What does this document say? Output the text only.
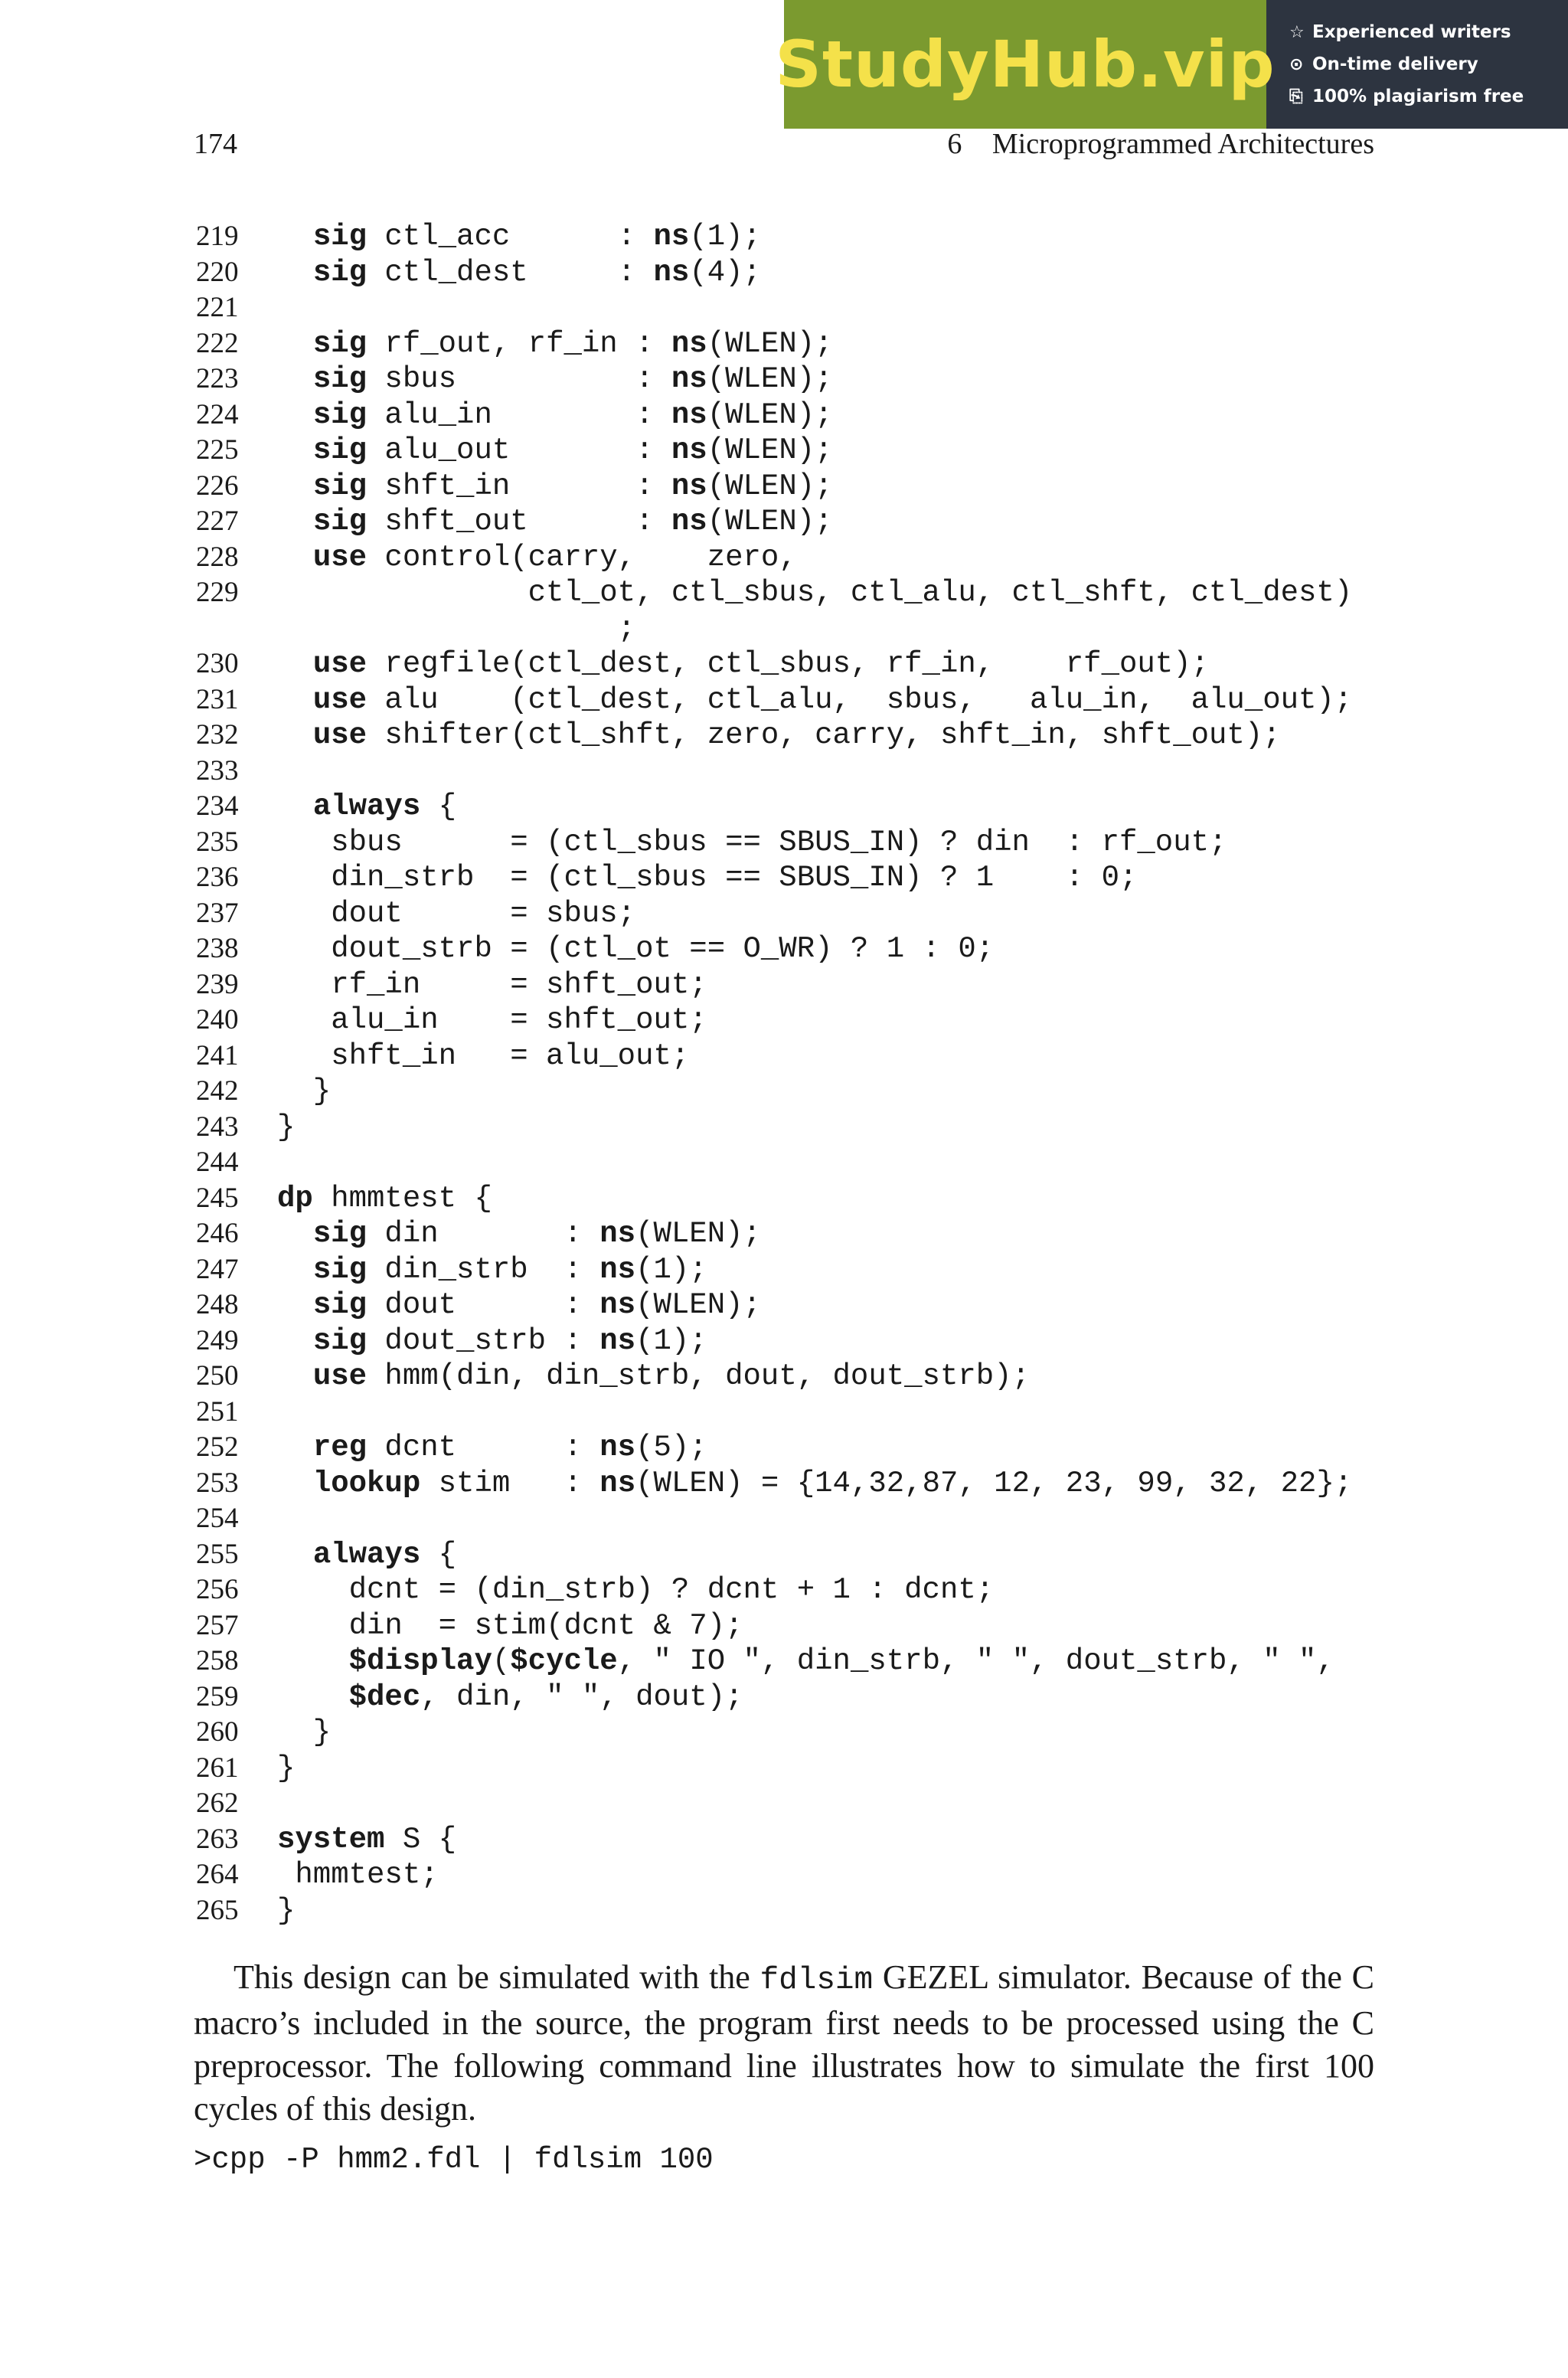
StudyHub.vip ☆ Experienced writers
⊙ On-time delivery
⎘ 100% plagiarism free
174	6 Microprogrammed Architectures
219	sig ctl_acc      : ns(1);
220	sig ctl_dest     : ns(4);
221
222	sig rf_out, rf_in : ns(WLEN);
223	sig sbus          : ns(WLEN);
224	sig alu_in        : ns(WLEN);
225	sig alu_out       : ns(WLEN);
226	sig shft_in       : ns(WLEN);
227	sig shft_out      : ns(WLEN);
228	use control(carry,    zero,
229 ctl_ot, ctl_sbus, ctl_alu, ctl_shft, ctl_dest)
;
230	use regfile(ctl_dest, ctl_sbus, rf_in,    rf_out);
231	use alu    (ctl_dest, ctl_alu,  sbus,   alu_in,  alu_out);
232	use shifter(ctl_shft, zero, carry, shft_in, shft_out);
233
234	always {
235 sbus      = (ctl_sbus == SBUS_IN) ? din  : rf_out;
236 din_strb  = (ctl_sbus == SBUS_IN) ? 1    : 0;
237 dout      = sbus;
238 dout_strb = (ctl_ot == O_WR) ? 1 : 0;
239 rf_in     = shft_out;
240 alu_in    = shft_out;
241 shft_in   = alu_out;
242 }
243 }
244
245 dp hmmtest {
246	sig din       : ns(WLEN);
247	sig din_strb  : ns(1);
248	sig dout      : ns(WLEN);
249	sig dout_strb : ns(1);
250	use hmm(din, din_strb, dout, dout_strb);
251
252	reg dcnt      : ns(5);
253	lookup stim   : ns(WLEN) = {14,32,87, 12, 23, 99, 32, 22};
254
255	always {
256 dcnt = (din_strb) ? dcnt + 1 : dcnt;
257 din  = stim(dcnt & 7);
258	$display($cycle, " IO ", din_strb, " ", dout_strb, " ",
259	$dec, din, " ", dout);
260 }
261 }
262
263 system S {
264 hmmtest;
265 }

This design can be simulated with the fdlsim GEZEL simulator. Because of the C macro’s included in the source, the program first needs to be processed using the C preprocessor. The following command line illustrates how to simulate the first 100 cycles of this design.

>cpp -P hmm2.fdl | fdlsim 100
